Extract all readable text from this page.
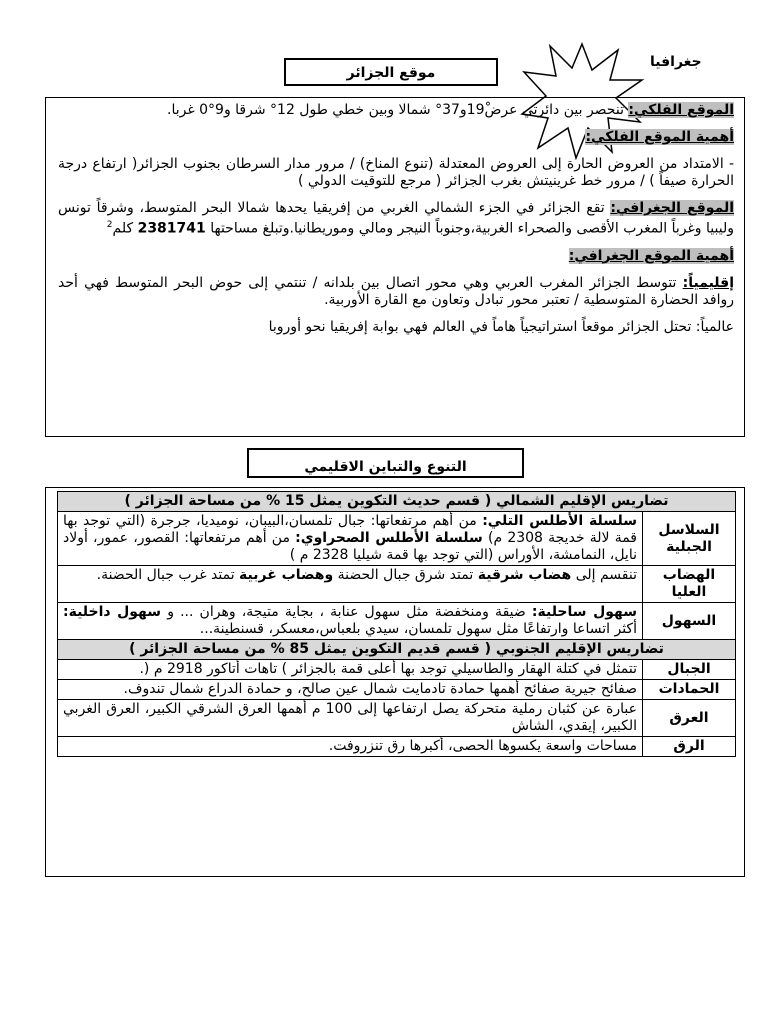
جغرافيا
موقع الجزائر

الموقع الفلكي: تنحصر بين دائرتي عرض19ْو37° شمالا وبين خطي طول 12° شرقا و9°0 غربا.

أهمية الموقع الفلكي:

- الامتداد من العروض الحارة إلى العروض المعتدلة (تنوع المناخ) / مرور مدار السرطان بجنوب الجزائر( ارتفاع درجة الحرارة صيفاً ) / مرور خط غرينيتش بغرب الجزائر ( مرجع للتوقيت الدولي )

الموقع الجغرافي: تقع الجزائر في الجزء الشمالي الغربي من إفريقيا يحدها شمالا البحر المتوسط، وشرقاً تونس وليبيا وغرباً المغرب الأقصى والصحراء الغربية،وجنوباً النيجر ومالي وموريطانيا.وتبلغ مساحتها 2381741 كلم$^2$

أهمية الموقع الجغرافي:

إقليمياً: تتوسط الجزائر المغرب العربي وهي محور اتصال بين بلدانه / تنتمي إلى حوض البحر المتوسط فهي أحد روافد الحضارة المتوسطية / تعتبر محور تبادل وتعاون مع القارة الأوربية.

عالمياً: تحتل الجزائر موقعاً استراتيجياً هاماً في العالم فهي بوابة إفريقيا نحو أوروبا

التنوع والتباين الاقليمي
تضاريس الإقليم الشمالي ( قسم حديث التكوين يمثل 15 % من مساحة الجزائر )	
السلاسل الجبلية	سلسلة الأطلس التلي: من أهم مرتفعاتها: جبال تلمسان،البيبان، نوميديا، جرجرة (التي توجد بها قمة لالة خديجة 2308 م) سلسلة الأطلس الصحراوي: من أهم مرتفعاتها: القصور، عمور، أولاد نايل، النمامشة، الأوراس (التي توجد بها قمة شيليا 2328 م )
الهضاب العليا	تنقسم إلى هضاب شرقية تمتد شرق جبال الحضنة وهضاب غربية تمتد غرب جبال الحضنة.
السهول	سهول ساحلية: ضيقة ومنخفضة مثل سهول عنابة ، بجاية متيجة، وهران ... و سهول داخلية: أكثر اتساعا وارتفاعًا مثل سهول تلمسان، سيدي بلعباس،معسكر، قسنطينة...
تضاريس الإقليم الجنوبي ( قسم قديم التكوين يمثل 85 % من مساحة الجزائر )	
الجبال	تتمثل في كتلة الهقار والطاسيلي توجد بها أعلى قمة بالجزائر ) تاهات أتاكور 2918 م (.
الحمادات	صفائح جيرية صفائح أهمها حمادة تادمايت شمال عين صالح، و حمادة الدراع شمال تندوف.
العرق	عبارة عن كثبان رملية متحركة يصل ارتفاعها إلى 100 م أهمها العرق الشرقي الكبير، العرق الغربي الكبير، إيقدي، الشاش
الرق	مساحات واسعة يكسوها الحصى، أكبرها رق تنزروفت.
